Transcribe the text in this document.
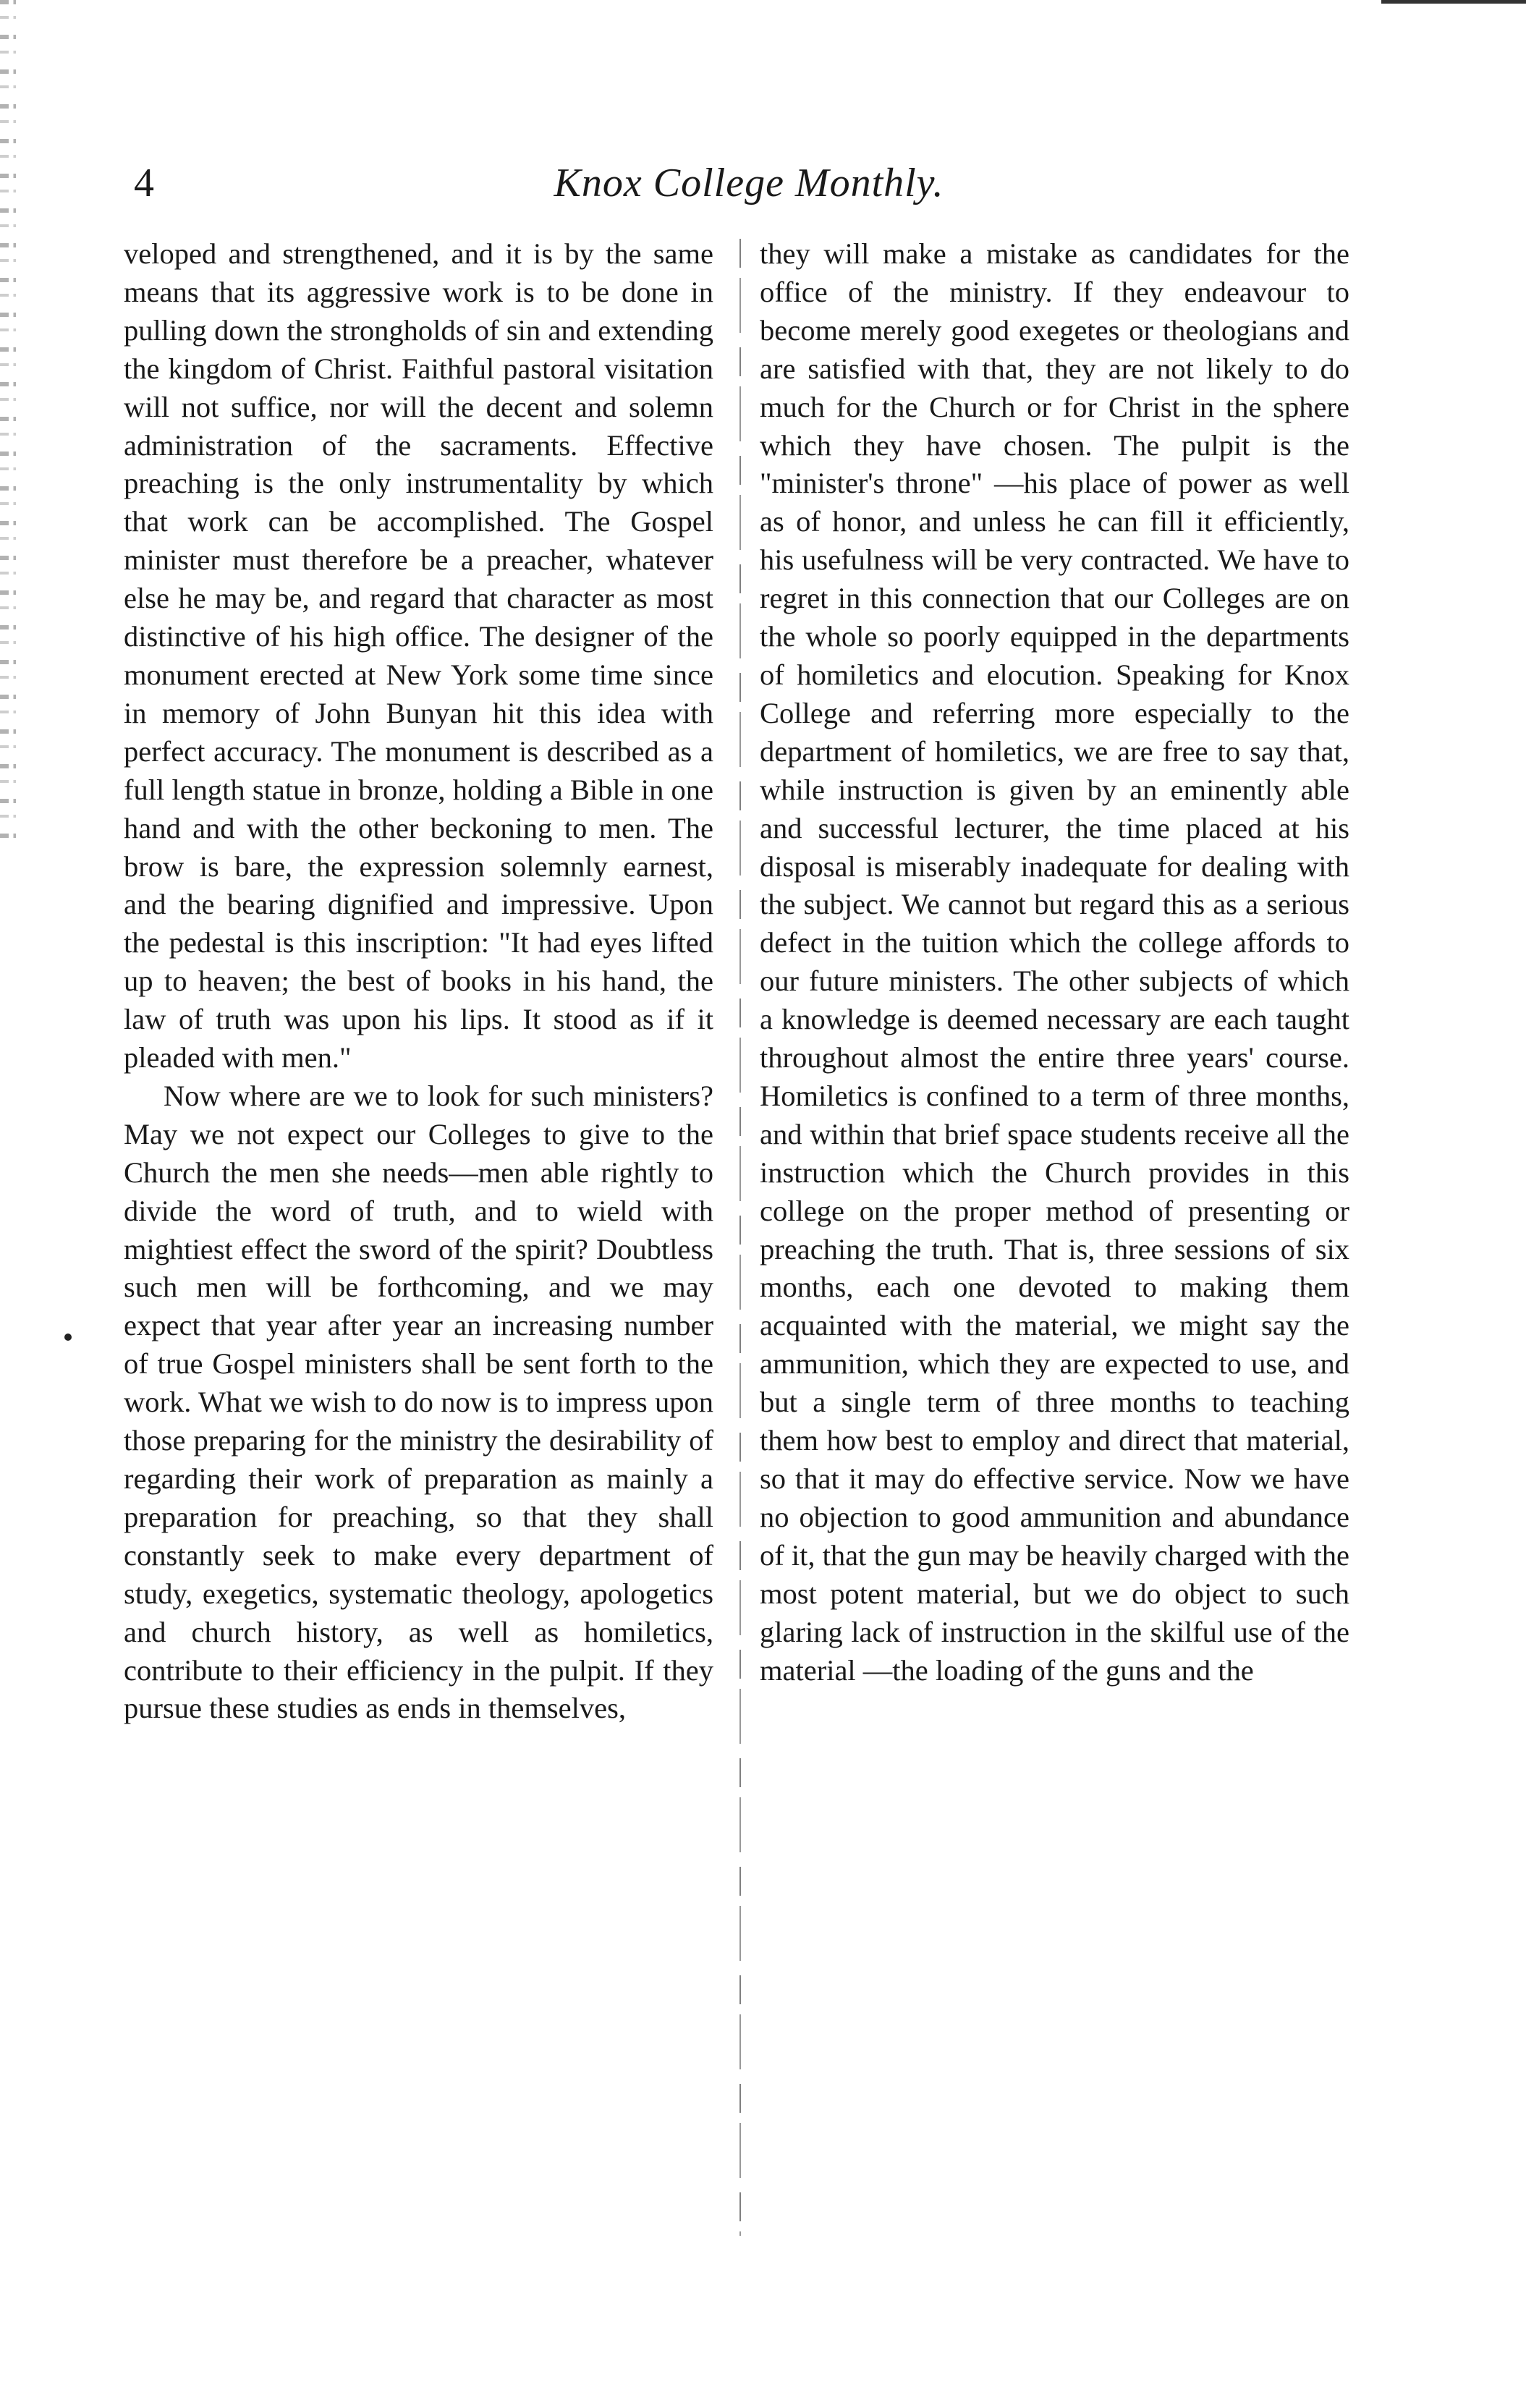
4	Knox College Monthly.

veloped and strengthened, and it is by the same means that its aggressive work is to be done in pulling down the strongholds of sin and extending the kingdom of Christ. Faithful pastoral visitation will not suffice, nor will the decent and solemn administration of the sacraments. Effective preaching is the only instrumentality by which that work can be accomplished. The Gospel minister must therefore be a preacher, whatever else he may be, and regard that character as most distinctive of his high office. The designer of the monument erected at New York some time since in memory of John Bunyan hit this idea with perfect accuracy. The monument is described as a full length statue in bronze, holding a Bible in one hand and with the other beckoning to men. The brow is bare, the expression solemnly earnest, and the bearing dignified and impressive. Upon the pedestal is this inscription: "It had eyes lifted up to heaven; the best of books in his hand, the law of truth was upon his lips. It stood as if it pleaded with men."

Now where are we to look for such ministers? May we not expect our Colleges to give to the Church the men she needs—men able rightly to divide the word of truth, and to wield with mightiest effect the sword of the spirit? Doubtless such men will be forthcoming, and we may expect that year after year an increasing number of true Gospel ministers shall be sent forth to the work. What we wish to do now is to impress upon those preparing for the ministry the desirability of regarding their work of preparation as mainly a preparation for preaching, so that they shall constantly seek to make every department of study, exegetics, systematic theology, apologetics and church history, as well as homiletics, contribute to their efficiency in the pulpit. If they pursue these studies as ends in themselves,

they will make a mistake as candidates for the office of the ministry. If they endeavour to become merely good exegetes or theologians and are satisfied with that, they are not likely to do much for the Church or for Christ in the sphere which they have chosen. The pulpit is the "minister's throne" —his place of power as well as of honor, and unless he can fill it efficiently, his usefulness will be very contracted. We have to regret in this connection that our Colleges are on the whole so poorly equipped in the departments of homiletics and elocution. Speaking for Knox College and referring more especially to the department of homiletics, we are free to say that, while instruction is given by an eminently able and successful lecturer, the time placed at his disposal is miserably inadequate for dealing with the subject. We cannot but regard this as a serious defect in the tuition which the college affords to our future ministers. The other subjects of which a knowledge is deemed necessary are each taught throughout almost the entire three years' course. Homiletics is confined to a term of three months, and within that brief space students receive all the instruction which the Church provides in this college on the proper method of presenting or preaching the truth. That is, three sessions of six months, each one devoted to making them acquainted with the material, we might say the ammunition, which they are expected to use, and but a single term of three months to teaching them how best to employ and direct that material, so that it may do effective service. Now we have no objection to good ammunition and abundance of it, that the gun may be heavily charged with the most potent material, but we do object to such glaring lack of instruction in the skilful use of the material —the loading of the guns and the
